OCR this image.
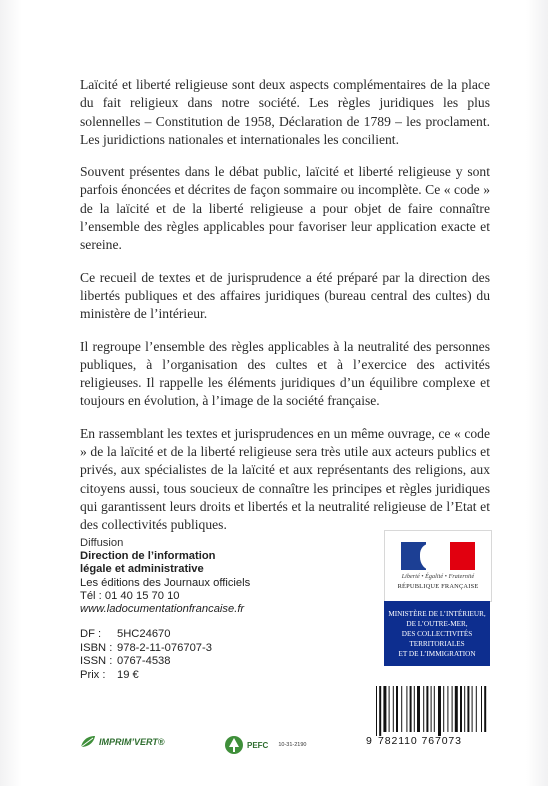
Laïcité et liberté religieuse sont deux aspects complémentaires de la place du fait religieux dans notre société. Les règles juridiques les plus solennelles – Constitution de 1958, Déclaration de 1789 – les proclament. Les juridictions nationales et internationales les concilient.

Souvent présentes dans le débat public, laïcité et liberté religieuse y sont parfois énoncées et décrites de façon sommaire ou incomplète. Ce « code » de la laïcité et de la liberté religieuse a pour objet de faire connaître l’ensemble des règles applicables pour favoriser leur application exacte et sereine.

Ce recueil de textes et de jurisprudence a été préparé par la direction des libertés publiques et des affaires juridiques (bureau central des cultes) du ministère de l’intérieur.

Il regroupe l’ensemble des règles applicables à la neutralité des personnes publiques, à l’organisation des cultes et à l’exercice des activités religieuses. Il rappelle les éléments juridiques d’un équilibre complexe et toujours en évolution, à l’image de la société française.

En rassemblant les textes et jurisprudences en un même ouvrage, ce « code » de la laïcité et de la liberté religieuse sera très utile aux acteurs publics et privés, aux spécialistes de la laïcité et aux représentants des religions, aux citoyens aussi, tous soucieux de connaître les principes et règles juridiques qui garantissent leurs droits et libertés et la neutralité religieuse de l’Etat et des collectivités publiques.

Diffusion
Direction de l’information
légale et administrative
Les éditions des Journaux officiels
Tél : 01 40 15 70 10
www.ladocumentationfrancaise.fr
DF :	5HC24670
ISBN : 978-2-11-076707-3
ISSN : 0767-4538
Prix :	19 €
Liberté • Égalité • Fraternité
RÉPUBLIQUE FRANÇAISE
MINISTÈRE DE L’INTÉRIEUR,
DE L’OUTRE-MER,
DES COLLECTIVITÉS
TERRITORIALES
ET DE L’IMMIGRATION
9 782110 767073
IMPRIM’VERT®	PEFC 10-31-2190
